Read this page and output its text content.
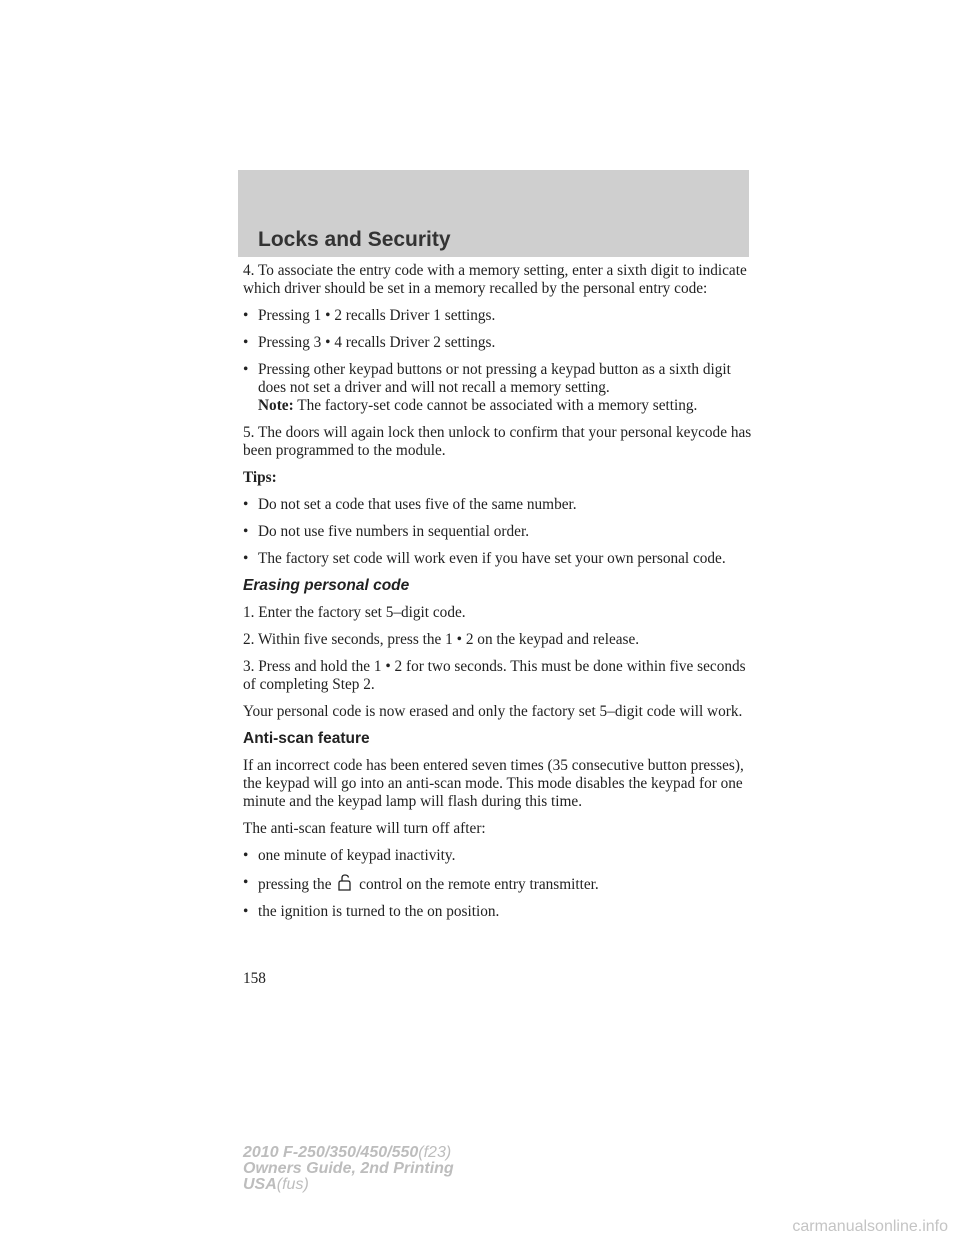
Locks and Security

4. To associate the entry code with a memory setting, enter a sixth digit to indicate which driver should be set in a memory recalled by the personal entry code:

• Pressing 1 • 2 recalls Driver 1 settings.
• Pressing 3 • 4 recalls Driver 2 settings.
• Pressing other keypad buttons or not pressing a keypad button as a sixth digit does not set a driver and will not recall a memory setting.
Note: The factory-set code cannot be associated with a memory setting.

5. The doors will again lock then unlock to confirm that your personal keycode has been programmed to the module.

Tips:
• Do not set a code that uses five of the same number.
• Do not use five numbers in sequential order.
• The factory set code will work even if you have set your own personal code.
Erasing personal code

1. Enter the factory set 5–digit code.

2. Within five seconds, press the 1 • 2 on the keypad and release.

3. Press and hold the 1 • 2 for two seconds. This must be done within five seconds of completing Step 2.

Your personal code is now erased and only the factory set 5–digit code will work.

Anti-scan feature

If an incorrect code has been entered seven times (35 consecutive button presses), the keypad will go into an anti-scan mode. This mode disables the keypad for one minute and the keypad lamp will flash during this time.

The anti-scan feature will turn off after:

• one minute of keypad inactivity.
• pressing the control on the remote entry transmitter.
• the ignition is turned to the on position.
158
2010 F-250/350/450/550(f23)
Owners Guide, 2nd Printing
USA(fus)
carmanualsonline.info
